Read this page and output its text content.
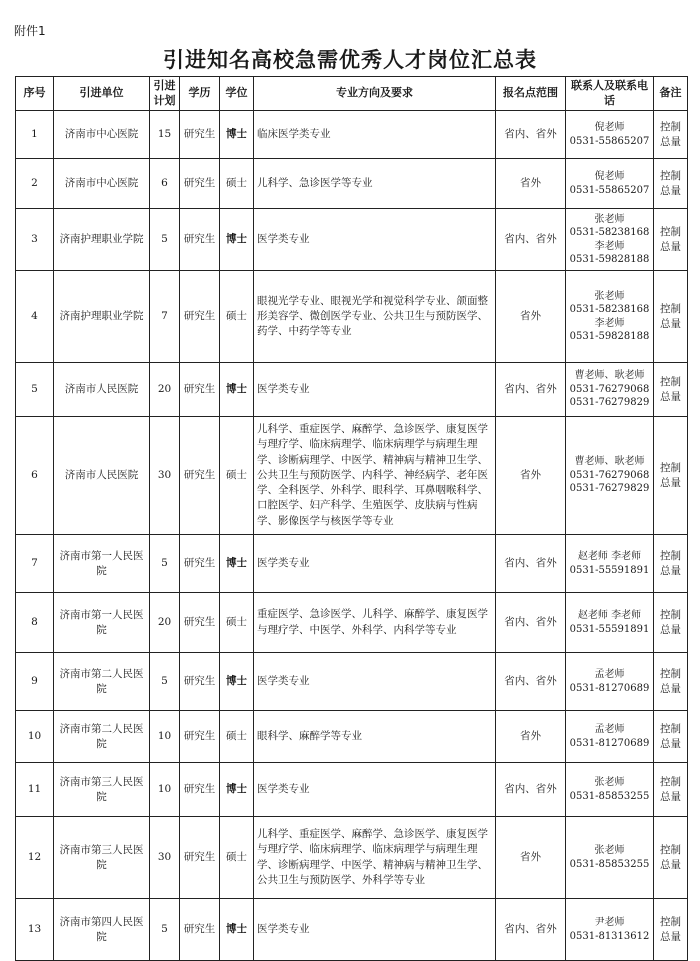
附件1
引进知名高校急需优秀人才岗位汇总表
序号	引进单位	引进计划	学历	学位	专业方向及要求	报名点范围	联系人及联系电话	备注
1	济南市中心医院	15	研究生	博士	临床医学类专业	省内、省外	倪老师
0531-55865207	控制总量
2	济南市中心医院	6	研究生	硕士	儿科学、急诊医学等专业	省外	倪老师
0531-55865207	控制总量
3	济南护理职业学院	5	研究生	博士	医学类专业	省内、省外	张老师
0531-58238168
李老师
0531-59828188	控制总量
4	济南护理职业学院	7	研究生	硕士	眼视光学专业、眼视光学和视觉科学专业、颌面整形美容学、微创医学专业、公共卫生与预防医学、药学、中药学等专业	省外	张老师
0531-58238168
李老师
0531-59828188	控制总量
5	济南市人民医院	20	研究生	博士	医学类专业	省内、省外	曹老师、耿老师
0531-76279068
0531-76279829	控制总量
6	济南市人民医院	30	研究生	硕士	儿科学、重症医学、麻醉学、急诊医学、康复医学与理疗学、临床病理学、临床病理学与病理生理学、诊断病理学、中医学、精神病与精神卫生学、公共卫生与预防医学、内科学、神经病学、老年医学、全科医学、外科学、眼科学、耳鼻咽喉科学、口腔医学、妇产科学、生殖医学、皮肤病与性病学、影像医学与核医学等专业	省外	曹老师、耿老师
0531-76279068
0531-76279829	控制总量
7	济南市第一人民医院	5	研究生	博士	医学类专业	省内、省外	赵老师 李老师
0531-55591891	控制总量
8	济南市第一人民医院	20	研究生	硕士	重症医学、急诊医学、儿科学、麻醉学、康复医学与理疗学、中医学、外科学、内科学等专业	省内、省外	赵老师 李老师
0531-55591891	控制总量
9	济南市第二人民医院	5	研究生	博士	医学类专业	省内、省外	孟老师
0531-81270689	控制总量
10	济南市第二人民医院	10	研究生	硕士	眼科学、麻醉学等专业	省外	孟老师
0531-81270689	控制总量
11	济南市第三人民医院	10	研究生	博士	医学类专业	省内、省外	张老师
0531-85853255	控制总量
12	济南市第三人民医院	30	研究生	硕士	儿科学、重症医学、麻醉学、急诊医学、康复医学与理疗学、临床病理学、临床病理学与病理生理学、诊断病理学、中医学、精神病与精神卫生学、公共卫生与预防医学、外科学等专业	省外	张老师
0531-85853255	控制总量
13	济南市第四人民医院	5	研究生	博士	医学类专业	省内、省外	尹老师
0531-81313612	控制总量
